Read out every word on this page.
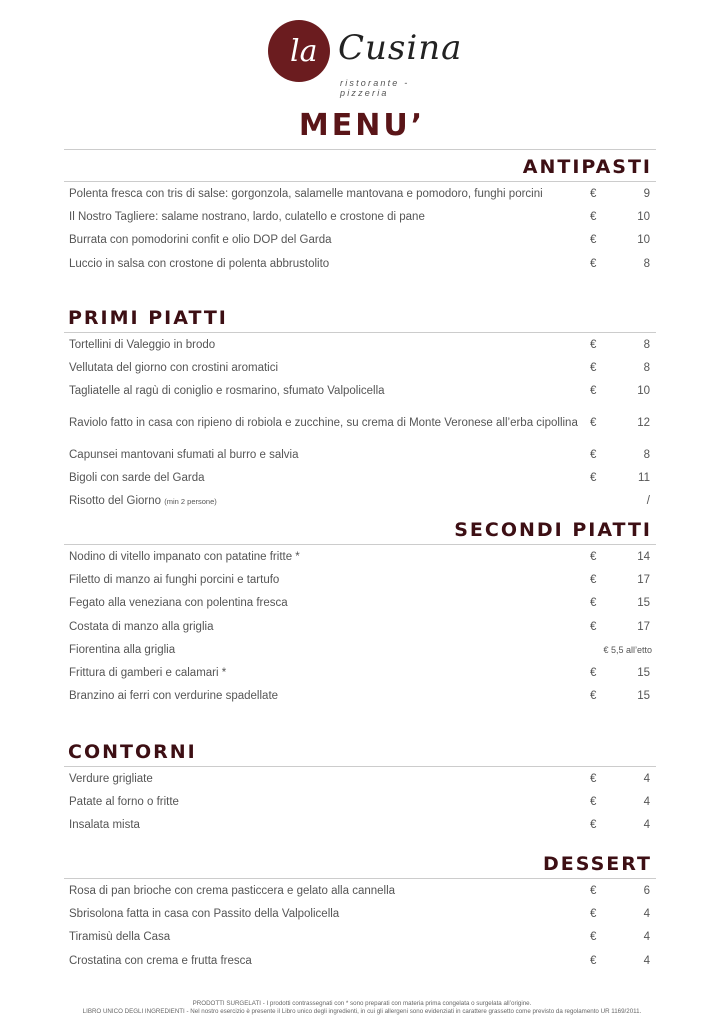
la Cusina
ristorante - pizzeria
MENU’
ANTIPASTI
Polenta fresca con tris di salse: gorgonzola, salamelle mantovana e pomodoro, funghi porcini	€	9
Il Nostro Tagliere: salame nostrano, lardo, culatello e crostone di pane	€	10
Burrata con pomodorini confit e olio DOP del Garda	€	10
Luccio in salsa con crostone di polenta abbrustolito	€	8
PRIMI PIATTI
Tortellini di Valeggio in brodo	€	8
Vellutata del giorno con crostini aromatici	€	8
Tagliatelle al ragù di coniglio e rosmarino, sfumato Valpolicella	€	10
Raviolo fatto in casa con ripieno di robiola e zucchine, su crema di Monte Veronese all’erba cipollina	€	12
Capunsei mantovani sfumati al burro e salvia	€	8
Bigoli con sarde del Garda	€	11
Risotto del Giorno (min 2 persone)	/
SECONDI PIATTI
Nodino di vitello impanato con patatine fritte *	€	14
Filetto di manzo ai funghi porcini e tartufo	€	17
Fegato alla veneziana con polentina fresca	€	15
Costata di manzo alla griglia	€	17
Fiorentina alla griglia	€ 5,5 all’etto
Frittura di gamberi e calamari *	€	15
Branzino ai ferri con verdurine spadellate	€	15
CONTORNI
Verdure grigliate	€	4
Patate al forno o fritte	€	4
Insalata mista	€	4
DESSERT
Rosa di pan brioche con crema pasticcera e gelato alla cannella	€	6
Sbrisolona fatta in casa con Passito della Valpolicella	€	4
Tiramisù della Casa	€	4
Crostatina con crema e frutta fresca	€	4
PRODOTTI SURGELATI - I prodotti contrassegnati con * sono preparati con materia prima congelata o surgelata all’origine.
LIBRO UNICO DEGLI INGREDIENTI - Nel nostro esercizio è presente il Libro unico degli ingredienti, in cui gli allergeni sono evidenziati in carattere grassetto come previsto da regolamento UR 1169/2011.
